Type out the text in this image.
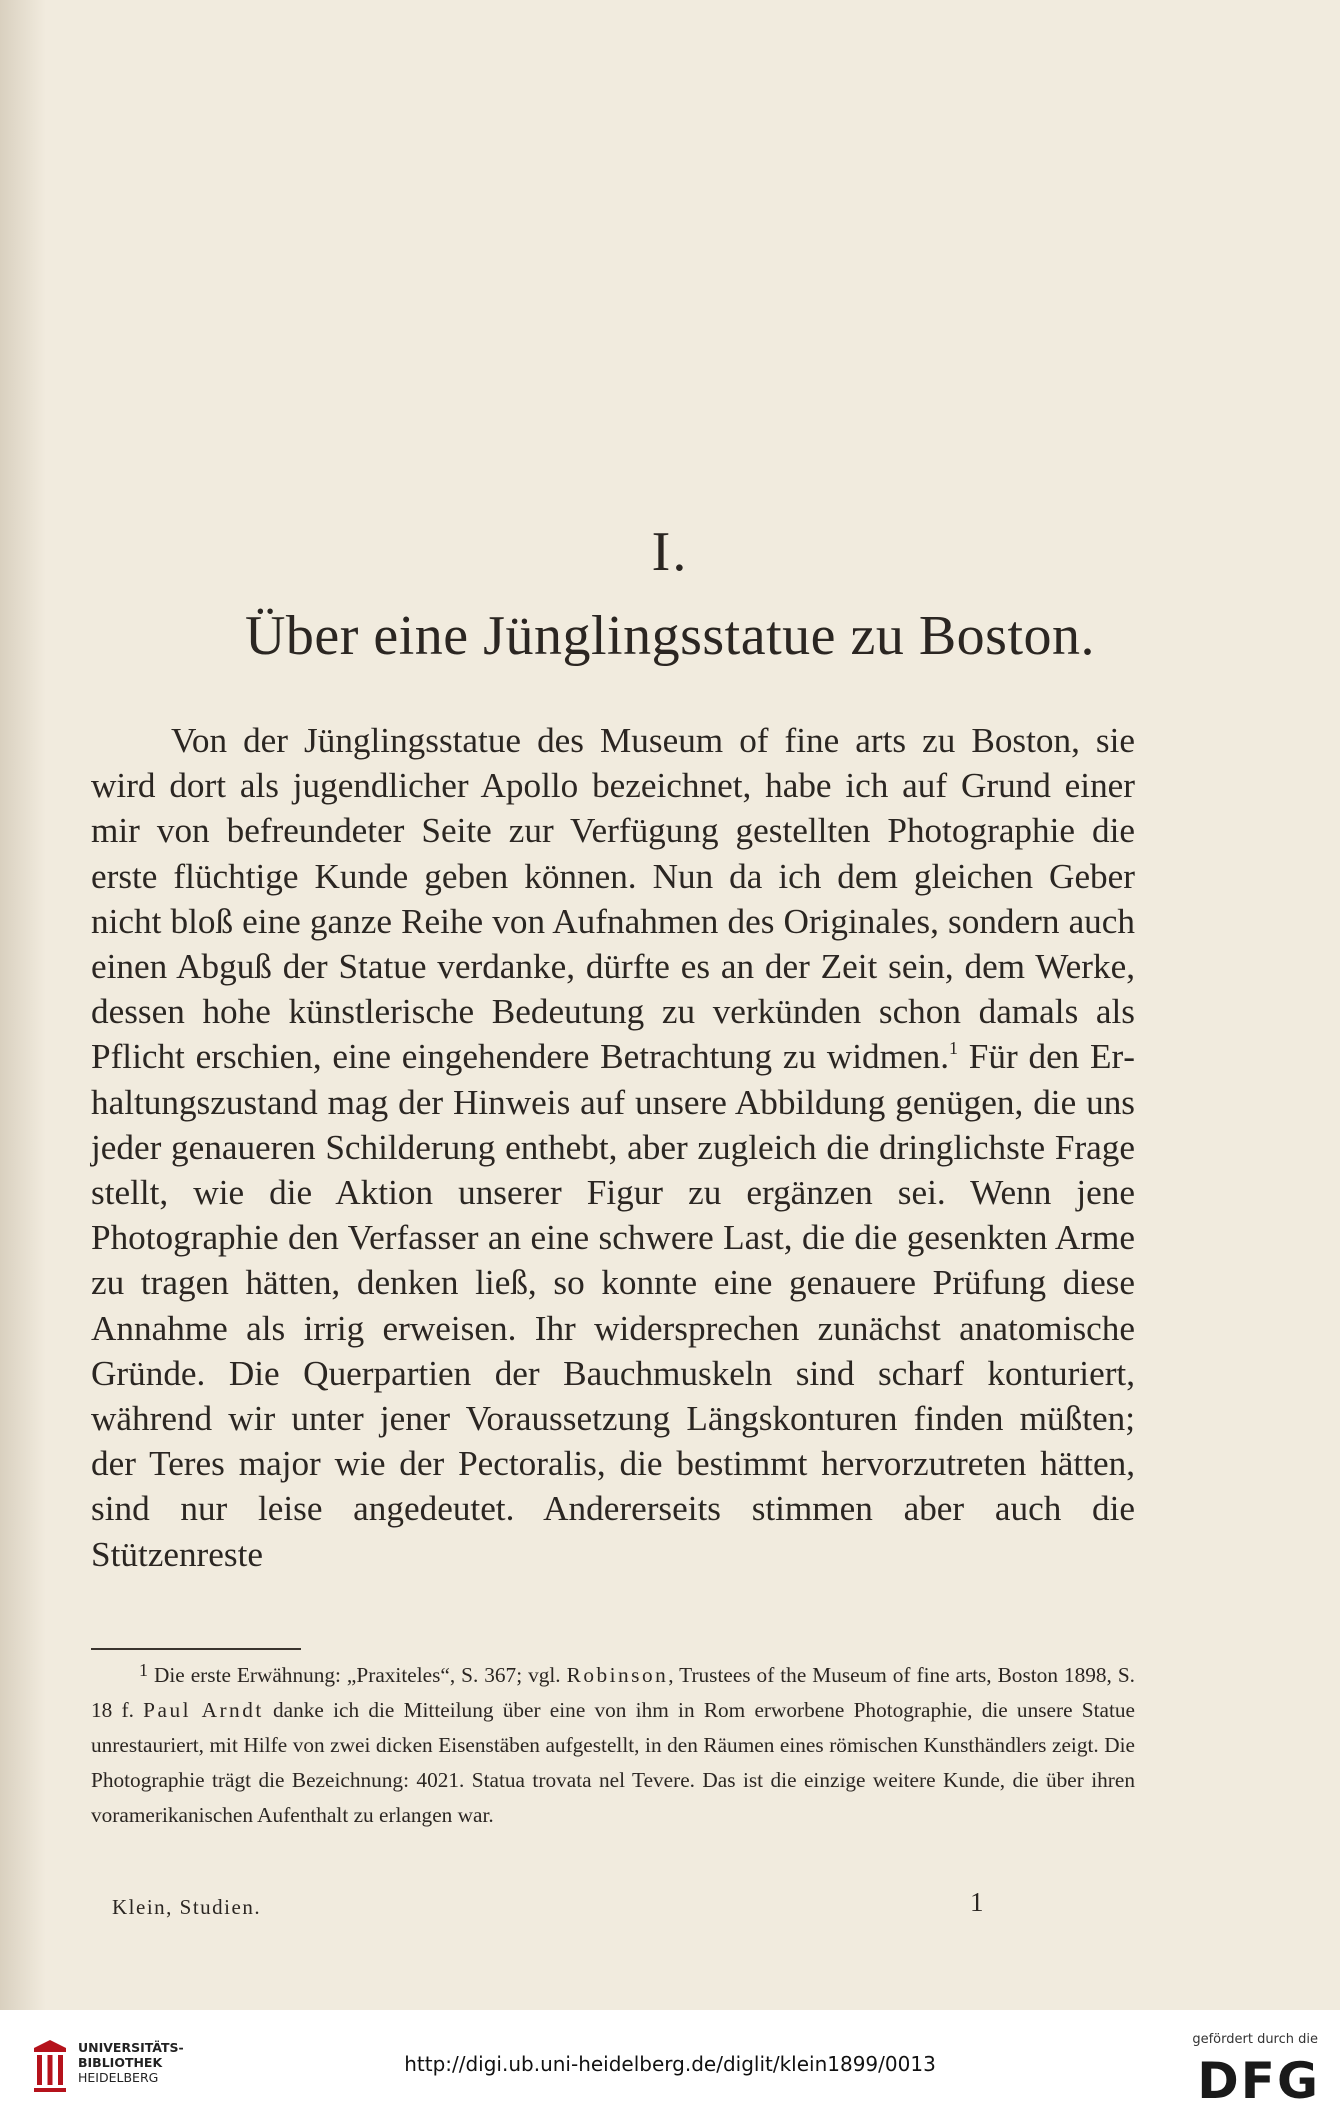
I.
Über eine Jünglingsstatue zu Boston.

Von der Jünglingsstatue des Museum of fine arts zu Boston, sie wird dort als jugendlicher Apollo bezeichnet, habe ich auf Grund einer mir von befreundeter Seite zur Verfügung gestellten Photographie die erste flüchtige Kunde geben können. Nun da ich dem gleichen Geber nicht bloß eine ganze Reihe von Aufnahmen des Originales, sondern auch einen Abguß der Statue verdanke, dürfte es an der Zeit sein, dem Werke, dessen hohe künstlerische Bedeutung zu verkünden schon damals als Pflicht erschien, eine eingehendere Betrachtung zu widmen.$^1$ Für den Erhaltungszustand mag der Hinweis auf unsere Abbildung genügen, die uns jeder genaueren Schilderung enthebt, aber zugleich die dringlichste Frage stellt, wie die Aktion unserer Figur zu ergänzen sei. Wenn jene Photographie den Verfasser an eine schwere Last, die die gesenkten Arme zu tragen hätten, denken ließ, so konnte eine genauere Prüfung diese Annahme als irrig erweisen. Ihr widersprechen zunächst anatomische Gründe. Die Querpartien der Bauchmuskeln sind scharf konturiert, während wir unter jener Voraussetzung Längskonturen finden müßten; der Teres major wie der Pectoralis, die bestimmt hervorzutreten hätten, sind nur leise angedeutet. Andererseits stimmen aber auch die Stützenreste

$^1$ Die erste Erwähnung: „Praxiteles“, S. 367; vgl. Robinson, Trustees of the Museum of fine arts, Boston 1898, S. 18 f. Paul Arndt danke ich die Mitteilung über eine von ihm in Rom erworbene Photographie, die unsere Statue unrestauriert, mit Hilfe von zwei dicken Eisenstäben aufgestellt, in den Räumen eines römischen Kunsthändlers zeigt. Die Photographie trägt die Bezeichnung: 4021. Statua trovata nel Tevere. Das ist die einzige weitere Kunde, die über ihren voramerikanischen Aufenthalt zu erlangen war.

Klein, Studien.	1
UNIVERSITÄTS-
BIBLIOTHEK
HEIDELBERG
http://digi.ub.uni-heidelberg.de/diglit/klein1899/0013
gefördert durch die
DFG
